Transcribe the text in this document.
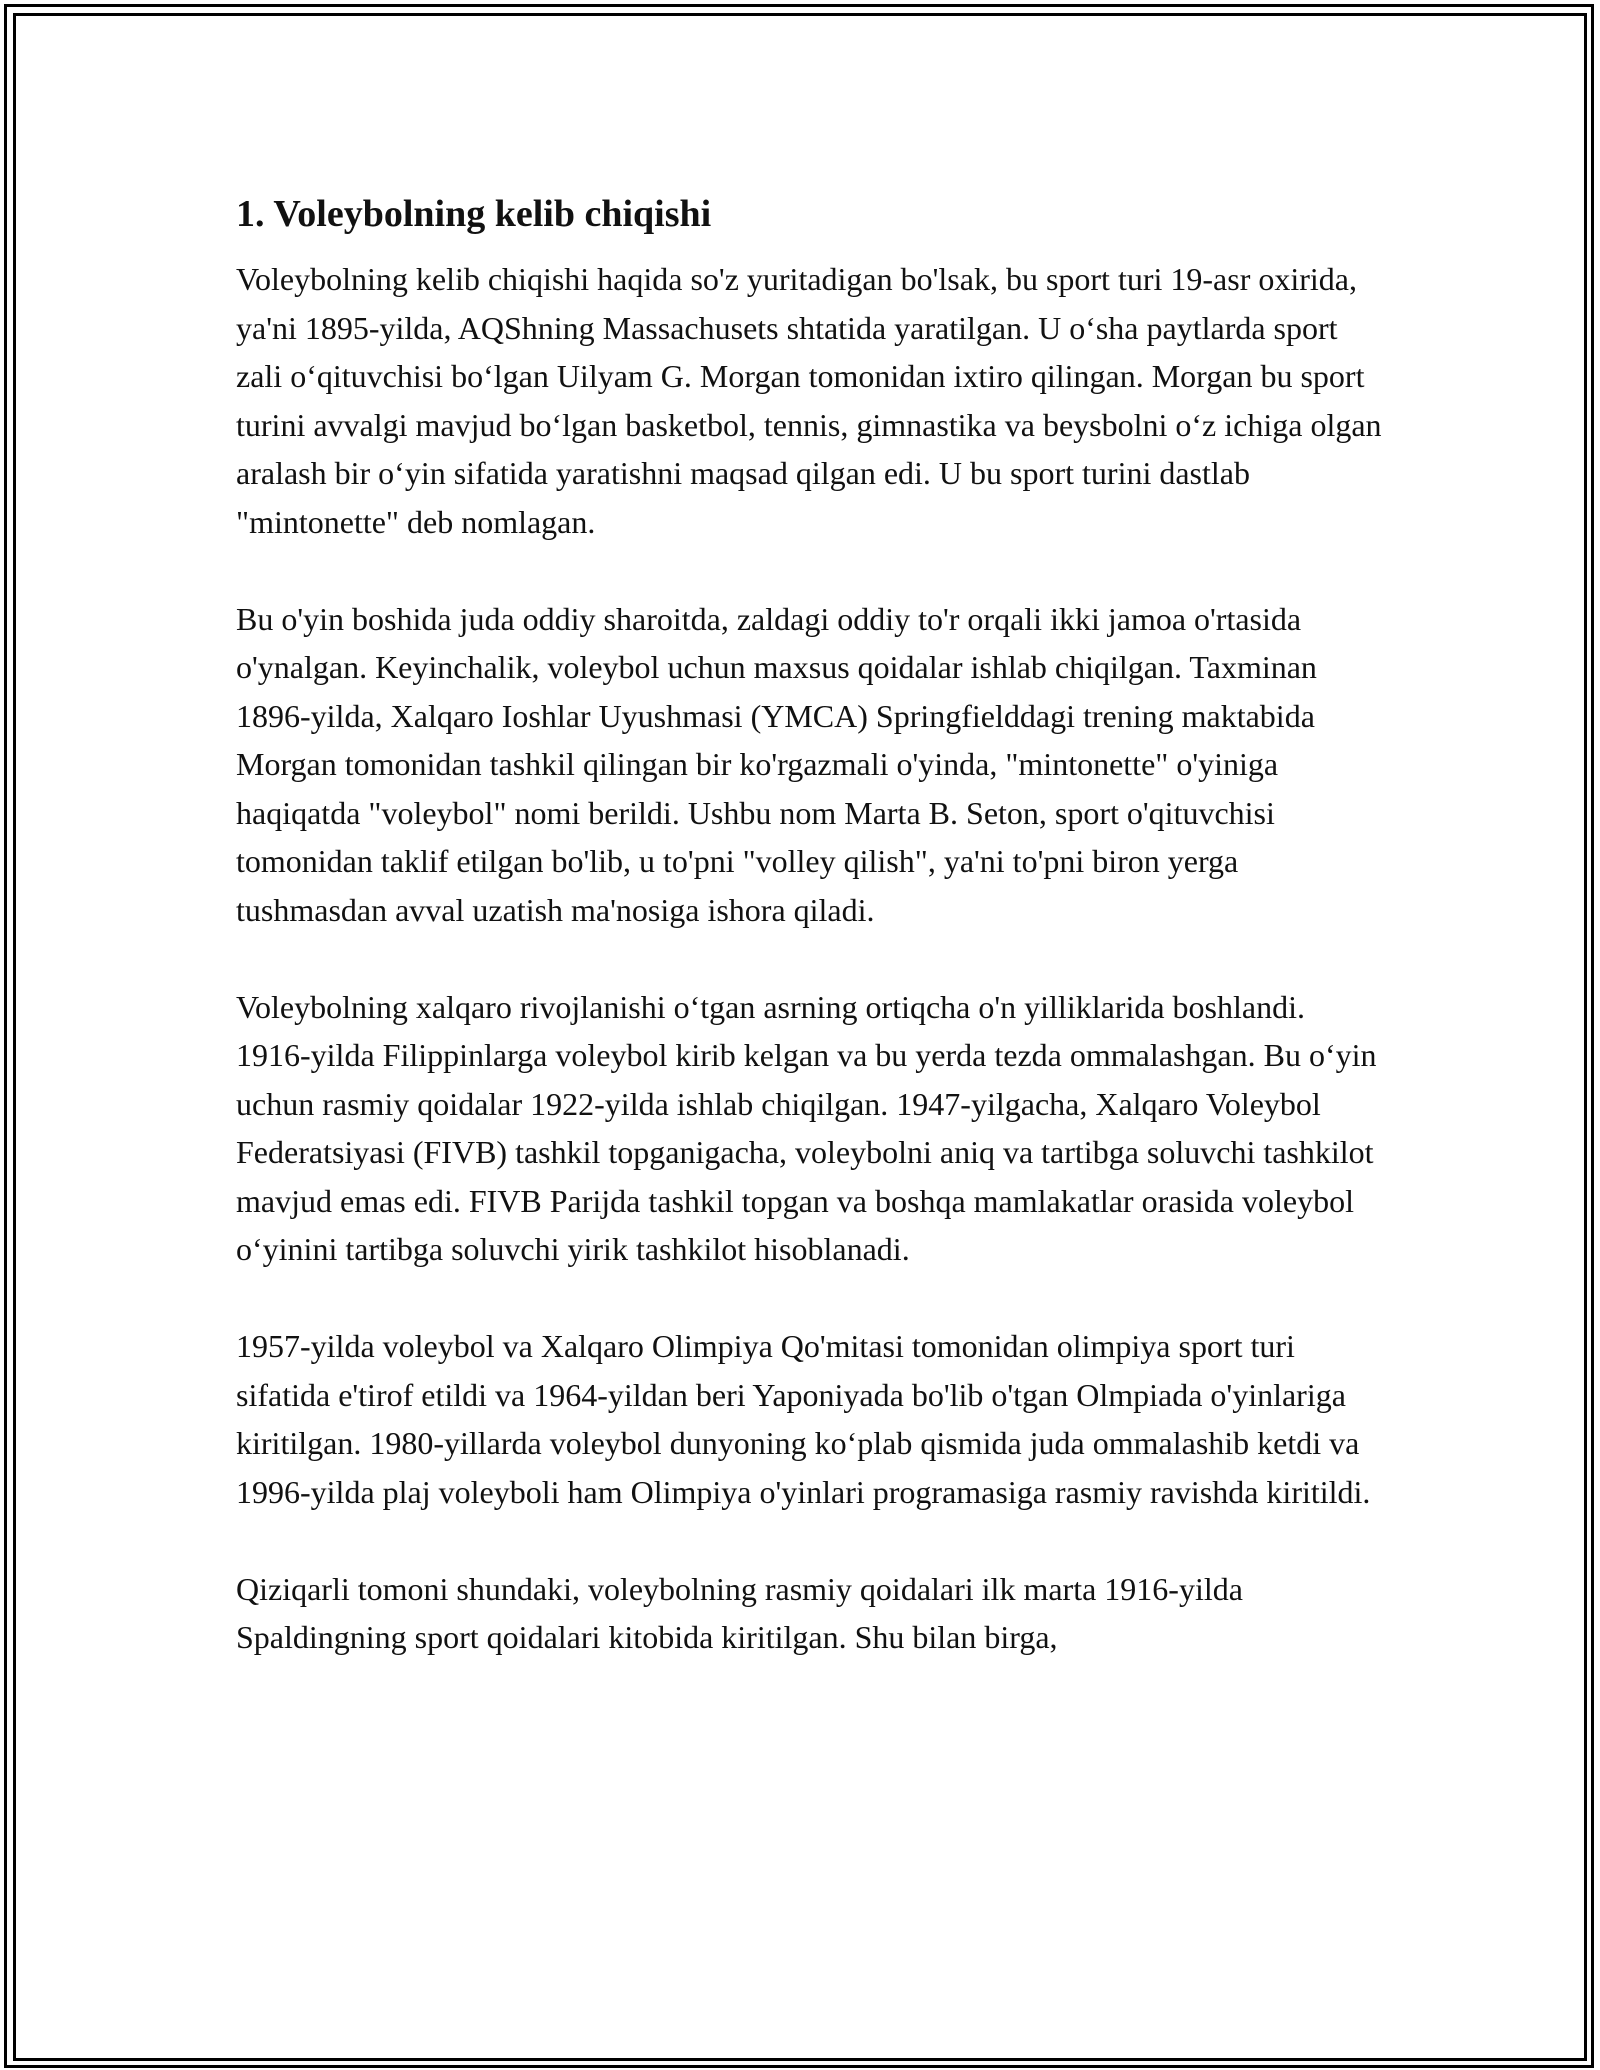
1. Voleybolning kelib chiqishi

Voleybolning kelib chiqishi haqida so'z yuritadigan bo'lsak, bu sport turi 19-asr oxirida, ya'ni 1895-yilda, AQShning Massachusets shtatida yaratilgan. U oʻsha paytlarda sport zali oʻqituvchisi boʻlgan Uilyam G. Morgan tomonidan ixtiro qilingan. Morgan bu sport turini avvalgi mavjud boʻlgan basketbol, tennis, gimnastika va beysbolni oʻz ichiga olgan aralash bir oʻyin sifatida yaratishni maqsad qilgan edi. U bu sport turini dastlab "mintonette" deb nomlagan.

Bu o'yin boshida juda oddiy sharoitda, zaldagi oddiy to'r orqali ikki jamoa o'rtasida o'ynalgan. Keyinchalik, voleybol uchun maxsus qoidalar ishlab chiqilgan. Taxminan 1896-yilda, Xalqaro Ioshlar Uyushmasi (YMCA) Springfielddagi trening maktabida Morgan tomonidan tashkil qilingan bir ko'rgazmali o'yinda, "mintonette" o'yiniga haqiqatda "voleybol" nomi berildi. Ushbu nom Marta B. Seton, sport o'qituvchisi tomonidan taklif etilgan bo'lib, u to'pni "volley qilish", ya'ni to'pni biron yerga tushmasdan avval uzatish ma'nosiga ishora qiladi.

Voleybolning xalqaro rivojlanishi oʻtgan asrning ortiqcha o'n yilliklarida boshlandi. 1916-yilda Filippinlarga voleybol kirib kelgan va bu yerda tezda ommalashgan. Bu oʻyin uchun rasmiy qoidalar 1922-yilda ishlab chiqilgan. 1947-yilgacha, Xalqaro Voleybol Federatsiyasi (FIVB) tashkil topganigacha, voleybolni aniq va tartibga soluvchi tashkilot mavjud emas edi. FIVB Parijda tashkil topgan va boshqa mamlakatlar orasida voleybol oʻyinini tartibga soluvchi yirik tashkilot hisoblanadi.

1957-yilda voleybol va Xalqaro Olimpiya Qo'mitasi tomonidan olimpiya sport turi sifatida e'tirof etildi va 1964-yildan beri Yaponiyada bo'lib o'tgan Olmpiada o'yinlariga kiritilgan. 1980-yillarda voleybol dunyoning koʻplab qismida juda ommalashib ketdi va 1996-yilda plaj voleyboli ham Olimpiya o'yinlari programasiga rasmiy ravishda kiritildi.

Qiziqarli tomoni shundaki, voleybolning rasmiy qoidalari ilk marta 1916-yilda Spaldingning sport qoidalari kitobida kiritilgan. Shu bilan birga,
